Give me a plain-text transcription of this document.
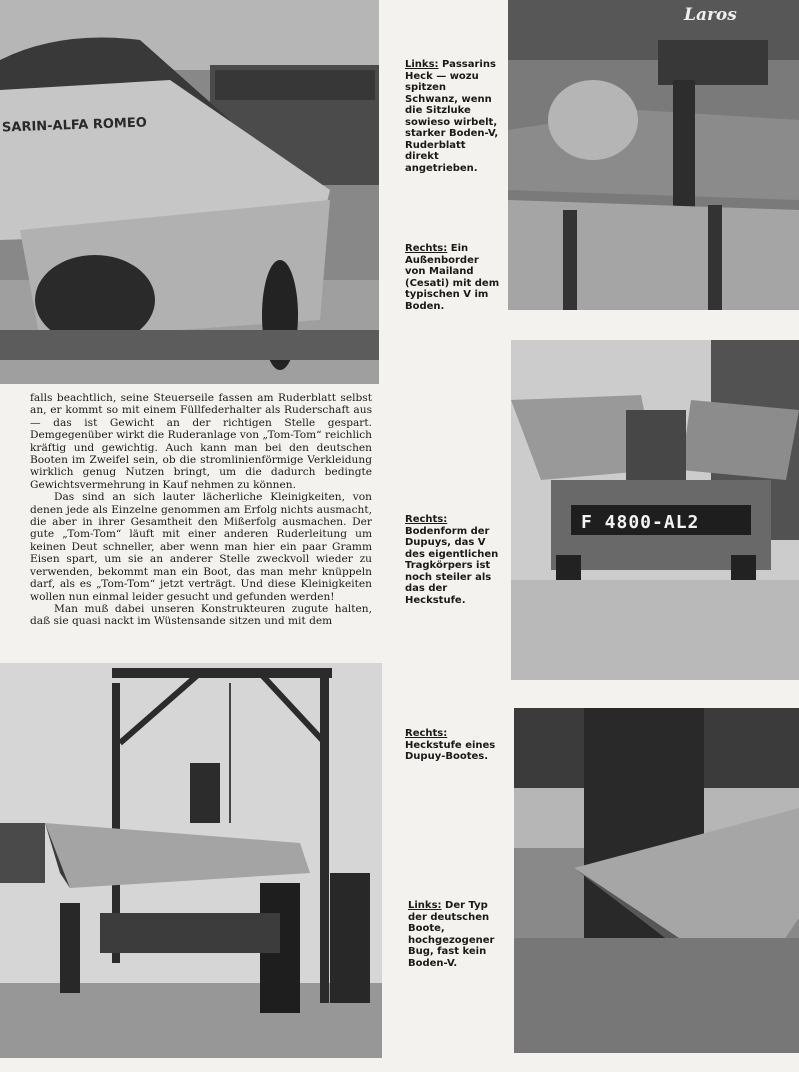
SARIN-ALFA ROMEO
Laros
F 4800-AL2
Links: Passarins Heck — wozu spitzen Schwanz, wenn die Sitzluke sowieso wirbelt, starker Boden-V, Ruderblatt direkt angetrieben.
Rechts: Ein Außenborder von Mailand (Cesati) mit dem typischen V im Boden.
Rechts: Bodenform der Dupuys, das V des eigentlichen Tragkörpers ist noch steiler als das der Heckstufe.
Rechts: Heckstufe eines Dupuy-Bootes.
Links: Der Typ der deutschen Boote, hochgezogener Bug, fast kein Boden-V.

falls beachtlich, seine Steuerseile fassen am Ruderblatt selbst an, er kommt so mit einem Füllfederhalter als Ruderschaft aus — das ist Gewicht an der richtigen Stelle gespart. Demgegenüber wirkt die Ruderanlage von „Tom-Tom“ reichlich kräftig und gewichtig. Auch kann man bei den deutschen Booten im Zweifel sein, ob die stromlinienförmige Verkleidung wirklich genug Nutzen bringt, um die dadurch bedingte Gewichtsvermehrung in Kauf nehmen zu können.

Das sind an sich lauter lächerliche Kleinigkeiten, von denen jede als Einzelne genommen am Erfolg nichts ausmacht, die aber in ihrer Gesamtheit den Mißerfolg ausmachen. Der gute „Tom-Tom“ läuft mit einer anderen Ruderleitung um keinen Deut schneller, aber wenn man hier ein paar Gramm Eisen spart, um sie an anderer Stelle zweckvoll wieder zu verwenden, bekommt man ein Boot, das man mehr knüppeln darf, als es „Tom-Tom“ jetzt verträgt. Und diese Kleinigkeiten wollen nun einmal leider gesucht und gefunden werden!

Man muß dabei unseren Konstrukteuren zugute halten, daß sie quasi nackt im Wüstensande sitzen und mit dem
